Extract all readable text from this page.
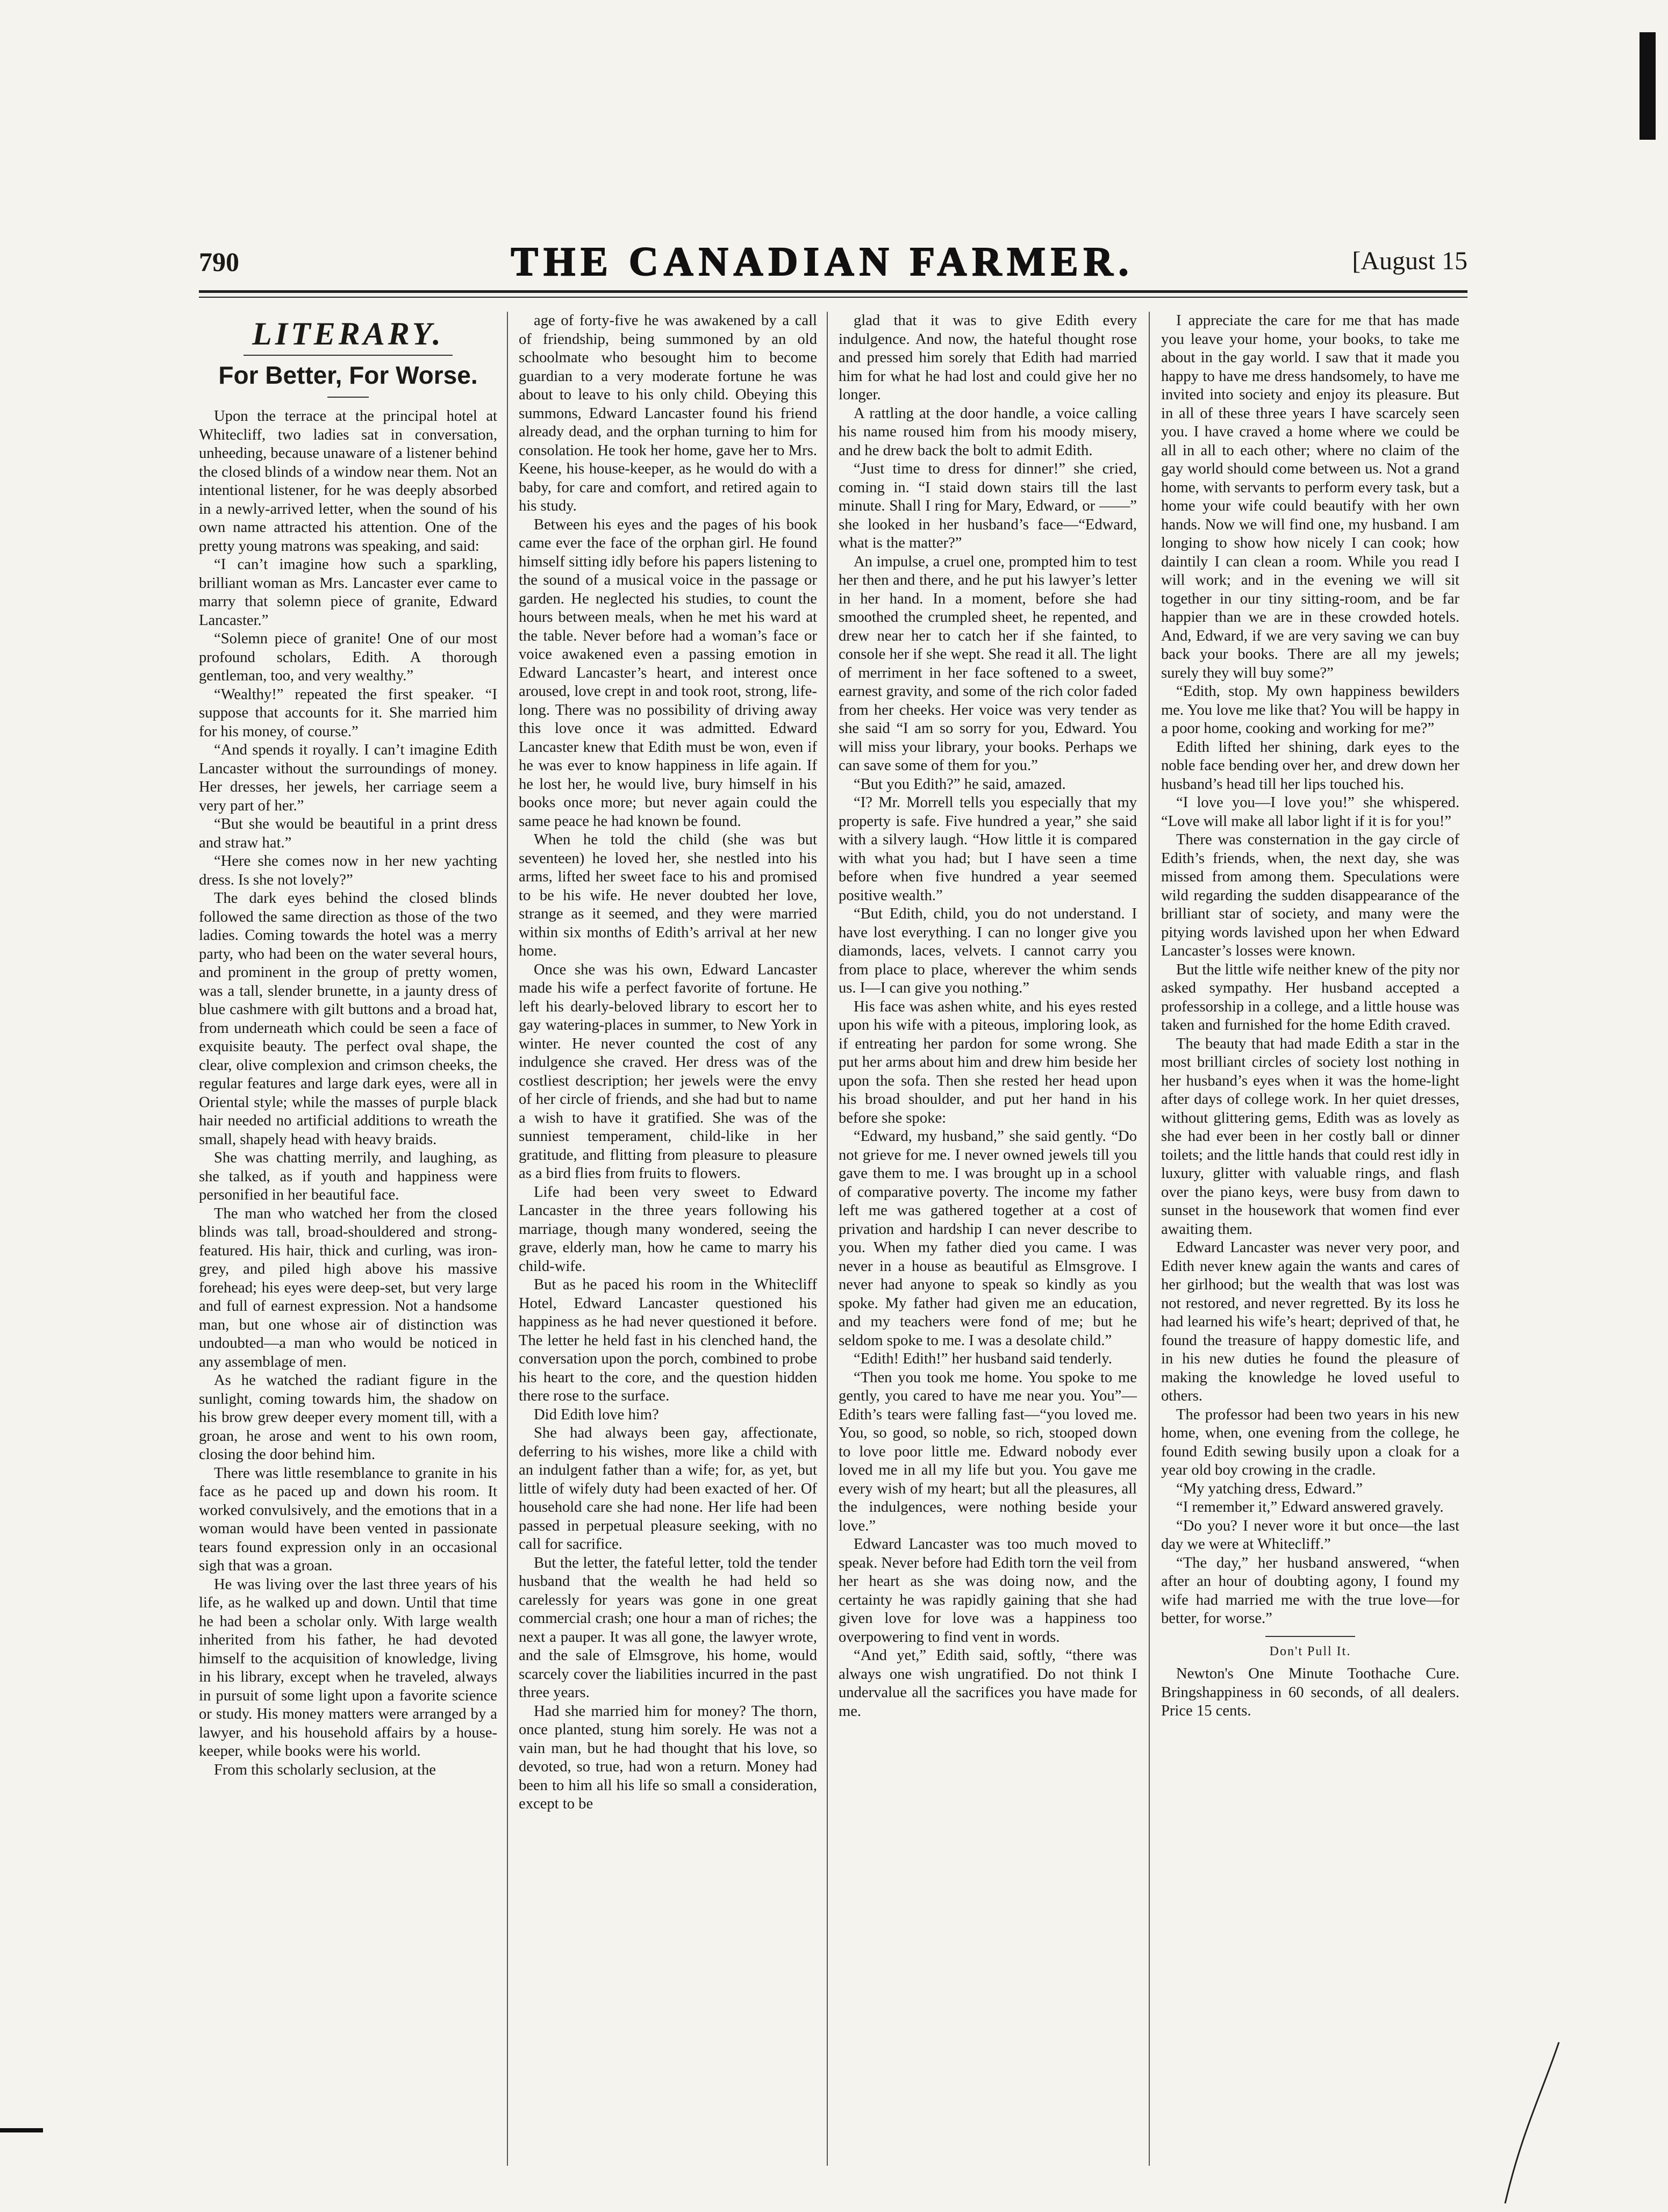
790	THE CANADIAN FARMER.	[August 15
LITERARY.
For Better, For Worse.

Upon the terrace at the principal hotel at Whitecliff, two ladies sat in conversation, unheeding, because unaware of a listener behind the closed blinds of a window near them. Not an intentional listener, for he was deeply absorbed in a newly-arrived letter, when the sound of his own name attracted his attention. One of the pretty young matrons was speaking, and said:

“I can’t imagine how such a sparkling, brilliant woman as Mrs. Lancaster ever came to marry that solemn piece of granite, Edward Lancaster.”

“Solemn piece of granite! One of our most profound scholars, Edith. A thorough gentleman, too, and very wealthy.”

“Wealthy!” repeated the first speaker. “I suppose that accounts for it. She married him for his money, of course.”

“And spends it royally. I can’t imagine Edith Lancaster without the surroundings of money. Her dresses, her jewels, her carriage seem a very part of her.”

“But she would be beautiful in a print dress and straw hat.”

“Here she comes now in her new yachting dress. Is she not lovely?”

The dark eyes behind the closed blinds followed the same direction as those of the two ladies. Coming towards the hotel was a merry party, who had been on the water several hours, and prominent in the group of pretty women, was a tall, slender brunette, in a jaunty dress of blue cashmere with gilt buttons and a broad hat, from underneath which could be seen a face of exquisite beauty. The perfect oval shape, the clear, olive complexion and crimson cheeks, the regular features and large dark eyes, were all in Oriental style; while the masses of purple black hair needed no artificial additions to wreath the small, shapely head with heavy braids.

She was chatting merrily, and laughing, as she talked, as if youth and happiness were personified in her beautiful face.

The man who watched her from the closed blinds was tall, broad-shouldered and strong-featured. His hair, thick and curling, was iron-grey, and piled high above his massive forehead; his eyes were deep-set, but very large and full of earnest expression. Not a handsome man, but one whose air of distinction was undoubted—a man who would be noticed in any assemblage of men.

As he watched the radiant figure in the sunlight, coming towards him, the shadow on his brow grew deeper every moment till, with a groan, he arose and went to his own room, closing the door behind him.

There was little resemblance to granite in his face as he paced up and down his room. It worked convulsively, and the emotions that in a woman would have been vented in passionate tears found expression only in an occasional sigh that was a groan.

He was living over the last three years of his life, as he walked up and down. Until that time he had been a scholar only. With large wealth inherited from his father, he had devoted himself to the acquisition of knowledge, living in his library, except when he traveled, always in pursuit of some light upon a favorite science or study. His money matters were arranged by a lawyer, and his household affairs by a house-keeper, while books were his world.

From this scholarly seclusion, at the

age of forty-five he was awakened by a call of friendship, being summoned by an old schoolmate who besought him to become guardian to a very moderate fortune he was about to leave to his only child. Obeying this summons, Edward Lancaster found his friend already dead, and the orphan turning to him for consolation. He took her home, gave her to Mrs. Keene, his house-keeper, as he would do with a baby, for care and comfort, and retired again to his study.

Between his eyes and the pages of his book came ever the face of the orphan girl. He found himself sitting idly before his papers listening to the sound of a musical voice in the passage or garden. He neglected his studies, to count the hours between meals, when he met his ward at the table. Never before had a woman’s face or voice awakened even a passing emotion in Edward Lancaster’s heart, and interest once aroused, love crept in and took root, strong, life-long. There was no possibility of driving away this love once it was admitted. Edward Lancaster knew that Edith must be won, even if he was ever to know happiness in life again. If he lost her, he would live, bury himself in his books once more; but never again could the same peace he had known be found.

When he told the child (she was but seventeen) he loved her, she nestled into his arms, lifted her sweet face to his and promised to be his wife. He never doubted her love, strange as it seemed, and they were married within six months of Edith’s arrival at her new home.

Once she was his own, Edward Lancaster made his wife a perfect favorite of fortune. He left his dearly-beloved library to escort her to gay watering-places in summer, to New York in winter. He never counted the cost of any indulgence she craved. Her dress was of the costliest description; her jewels were the envy of her circle of friends, and she had but to name a wish to have it gratified. She was of the sunniest temperament, child-like in her gratitude, and flitting from pleasure to pleasure as a bird flies from fruits to flowers.

Life had been very sweet to Edward Lancaster in the three years following his marriage, though many wondered, seeing the grave, elderly man, how he came to marry his child-wife.

But as he paced his room in the Whitecliff Hotel, Edward Lancaster questioned his happiness as he had never questioned it before. The letter he held fast in his clenched hand, the conversation upon the porch, combined to probe his heart to the core, and the question hidden there rose to the surface.

Did Edith love him?

She had always been gay, affectionate, deferring to his wishes, more like a child with an indulgent father than a wife; for, as yet, but little of wifely duty had been exacted of her. Of household care she had none. Her life had been passed in perpetual pleasure seeking, with no call for sacrifice.

But the letter, the fateful letter, told the tender husband that the wealth he had held so carelessly for years was gone in one great commercial crash; one hour a man of riches; the next a pauper. It was all gone, the lawyer wrote, and the sale of Elmsgrove, his home, would scarcely cover the liabilities incurred in the past three years.

Had she married him for money? The thorn, once planted, stung him sorely. He was not a vain man, but he had thought that his love, so devoted, so true, had won a return. Money had been to him all his life so small a consideration, except to be

glad that it was to give Edith every indulgence. And now, the hateful thought rose and pressed him sorely that Edith had married him for what he had lost and could give her no longer.

A rattling at the door handle, a voice calling his name roused him from his moody misery, and he drew back the bolt to admit Edith.

“Just time to dress for dinner!” she cried, coming in. “I staid down stairs till the last minute. Shall I ring for Mary, Edward, or ——” she looked in her husband’s face—“Edward, what is the matter?”

An impulse, a cruel one, prompted him to test her then and there, and he put his lawyer’s letter in her hand. In a moment, before she had smoothed the crumpled sheet, he repented, and drew near her to catch her if she fainted, to console her if she wept. She read it all. The light of merriment in her face softened to a sweet, earnest gravity, and some of the rich color faded from her cheeks. Her voice was very tender as she said “I am so sorry for you, Edward. You will miss your library, your books. Perhaps we can save some of them for you.”

“But you Edith?” he said, amazed.

“I? Mr. Morrell tells you especially that my property is safe. Five hundred a year,” she said with a silvery laugh. “How little it is compared with what you had; but I have seen a time before when five hundred a year seemed positive wealth.”

“But Edith, child, you do not understand. I have lost everything. I can no longer give you diamonds, laces, velvets. I cannot carry you from place to place, wherever the whim sends us. I—I can give you nothing.”

His face was ashen white, and his eyes rested upon his wife with a piteous, imploring look, as if entreating her pardon for some wrong. She put her arms about him and drew him beside her upon the sofa. Then she rested her head upon his broad shoulder, and put her hand in his before she spoke:

“Edward, my husband,” she said gently. “Do not grieve for me. I never owned jewels till you gave them to me. I was brought up in a school of comparative poverty. The income my father left me was gathered together at a cost of privation and hardship I can never describe to you. When my father died you came. I was never in a house as beautiful as Elmsgrove. I never had anyone to speak so kindly as you spoke. My father had given me an education, and my teachers were fond of me; but he seldom spoke to me. I was a desolate child.”

“Edith! Edith!” her husband said tenderly.

“Then you took me home. You spoke to me gently, you cared to have me near you. You”—Edith’s tears were falling fast—“you loved me. You, so good, so noble, so rich, stooped down to love poor little me. Edward nobody ever loved me in all my life but you. You gave me every wish of my heart; but all the pleasures, all the indulgences, were nothing beside your love.”

Edward Lancaster was too much moved to speak. Never before had Edith torn the veil from her heart as she was doing now, and the certainty he was rapidly gaining that she had given love for love was a happiness too overpowering to find vent in words.

“And yet,” Edith said, softly, “there was always one wish ungratified. Do not think I undervalue all the sacrifices you have made for me.

I appreciate the care for me that has made you leave your home, your books, to take me about in the gay world. I saw that it made you happy to have me dress handsomely, to have me invited into society and enjoy its pleasure. But in all of these three years I have scarcely seen you. I have craved a home where we could be all in all to each other; where no claim of the gay world should come between us. Not a grand home, with servants to perform every task, but a home your wife could beautify with her own hands. Now we will find one, my husband. I am longing to show how nicely I can cook; how daintily I can clean a room. While you read I will work; and in the evening we will sit together in our tiny sitting-room, and be far happier than we are in these crowded hotels. And, Edward, if we are very saving we can buy back your books. There are all my jewels; surely they will buy some?”

“Edith, stop. My own happiness bewilders me. You love me like that? You will be happy in a poor home, cooking and working for me?”

Edith lifted her shining, dark eyes to the noble face bending over her, and drew down her husband’s head till her lips touched his.

“I love you—I love you!” she whispered. “Love will make all labor light if it is for you!”

There was consternation in the gay circle of Edith’s friends, when, the next day, she was missed from among them. Speculations were wild regarding the sudden disappearance of the brilliant star of society, and many were the pitying words lavished upon her when Edward Lancaster’s losses were known.

But the little wife neither knew of the pity nor asked sympathy. Her husband accepted a professorship in a college, and a little house was taken and furnished for the home Edith craved.

The beauty that had made Edith a star in the most brilliant circles of society lost nothing in her husband’s eyes when it was the home-light after days of college work. In her quiet dresses, without glittering gems, Edith was as lovely as she had ever been in her costly ball or dinner toilets; and the little hands that could rest idly in luxury, glitter with valuable rings, and flash over the piano keys, were busy from dawn to sunset in the housework that women find ever awaiting them.

Edward Lancaster was never very poor, and Edith never knew again the wants and cares of her girlhood; but the wealth that was lost was not restored, and never regretted. By its loss he had learned his wife’s heart; deprived of that, he found the treasure of happy domestic life, and in his new duties he found the pleasure of making the knowledge he loved useful to others.

The professor had been two years in his new home, when, one evening from the college, he found Edith sewing busily upon a cloak for a year old boy crowing in the cradle.

“My yatching dress, Edward.”

“I remember it,” Edward answered gravely.

“Do you? I never wore it but once—the last day we were at Whitecliff.”

“The day,” her husband answered, “when after an hour of doubting agony, I found my wife had married me with the true love—for better, for worse.”

Don't Pull It.

Newton's One Minute Toothache Cure. Bringshappiness in 60 seconds, of all dealers. Price 15 cents.
